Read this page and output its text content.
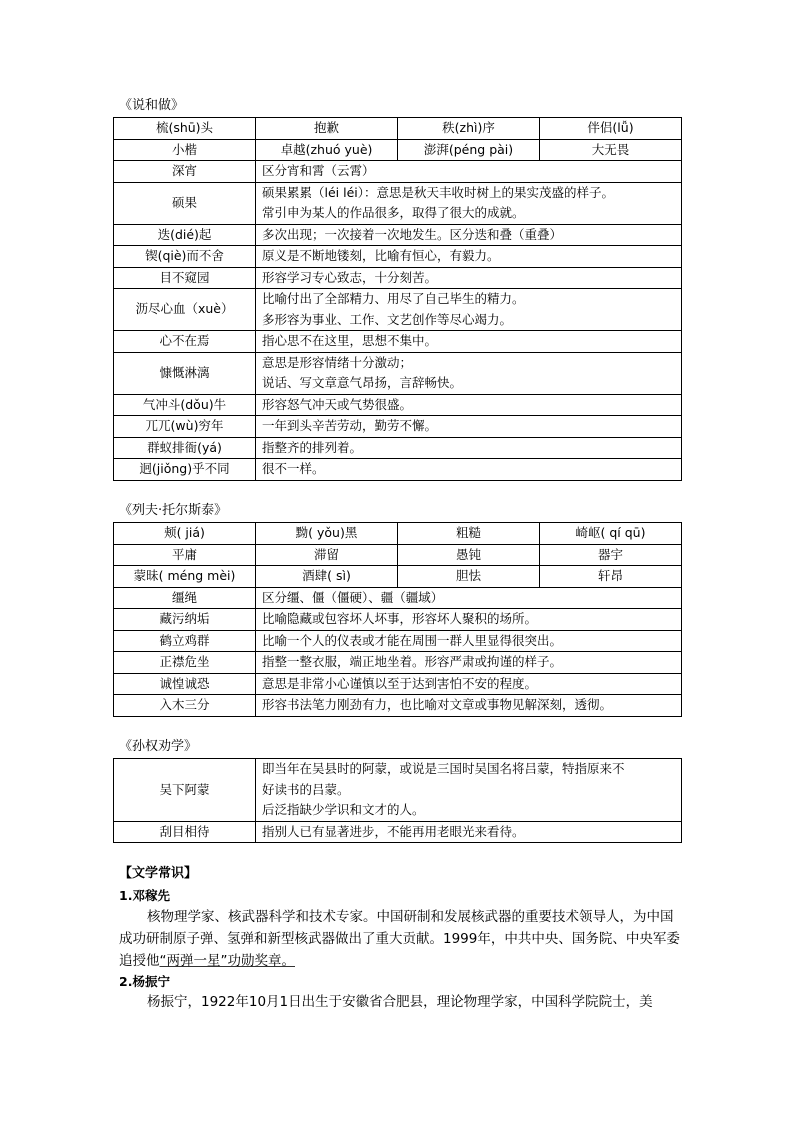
《说和做》
梳(shū)头	抱歉	秩(zhì)序	伴侣(lǚ)
小楷	卓越(zhuó yuè)	澎湃(péng pài)	大无畏
深宵	区分宵和霄（云霄）		

硕果	硕果累累（léi léi）：意思是秋天丰收时树上的果实茂盛的样子。
常引申为某人的作品很多，取得了很大的成就。		

迭(dié)起	多次出现；一次接着一次地发生。区分迭和叠（重叠）		

锲(qiè)而不舍	原义是不断地镂刻，比喻有恒心，有毅力。		

目不窥园	形容学习专心致志，十分刻苦。		

沥尽心血（xuè）	比喻付出了全部精力、用尽了自己毕生的精力。
多形容为事业、工作、文艺创作等尽心竭力。		

心不在焉	指心思不在这里，思想不集中。		

慷慨淋漓	意思是形容情绪十分激动；
说话、写文章意气昂扬，言辞畅快。		

气冲斗(dǒu)牛	形容怒气冲天或气势很盛。		

兀兀(wù)穷年	一年到头辛苦劳动，勤劳不懈。		

群蚁排衙(yá)	指整齐的排列着。		

迥(jiǒng)乎不同	很不一样。		
《列夫·托尔斯泰》
颊( jiá)	黝( yǒu)黑	粗糙	崎岖( qí qū)
平庸	滞留	愚钝	器宇
蒙昧( méng mèi)	酒肆( sì)	胆怯	轩昂
缰绳	区分缰、僵（僵硬）、疆（疆域）		

藏污纳垢	比喻隐藏或包容坏人坏事，形容坏人聚积的场所。		

鹤立鸡群	比喻一个人的仪表或才能在周围一群人里显得很突出。		

正襟危坐	指整一整衣服，端正地坐着。形容严肃或拘谨的样子。		

诚惶诚恐	意思是非常小心谨慎以至于达到害怕不安的程度。		

入木三分	形容书法笔力刚劲有力，也比喻对文章或事物见解深刻，透彻。		
《孙权劝学》
吴下阿蒙	即当年在吴县时的阿蒙，或说是三国时吴国名将吕蒙，特指原来不
好读书的吕蒙。
后泛指缺少学识和文才的人。

刮目相待	指别人已有显著进步，不能再用老眼光来看待。
【文学常识】
1.邓稼先
核物理学家、核武器科学和技术专家。中国研制和发展核武器的重要技术领导人，为中国成功研制原子弹、氢弹和新型核武器做出了重大贡献。1999年，中共中央、国务院、中央军委追授他“两弹一星”功勋奖章。
2.杨振宁
杨振宁，1922年10月1日出生于安徽省合肥县，理论物理学家，中国科学院院士，美
